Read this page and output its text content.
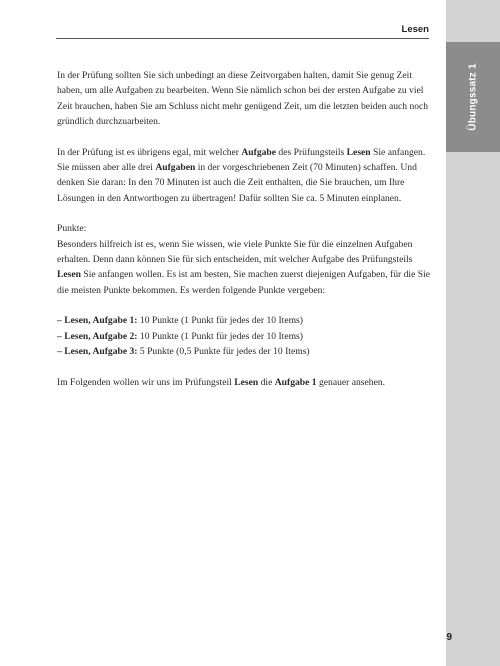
Lesen
Übungssatz 1

In der Prüfung sollten Sie sich unbedingt an diese Zeitvorgaben halten, damit Sie genug Zeit haben, um alle Aufgaben zu bearbeiten. Wenn Sie nämlich schon bei der ersten Aufgabe zu viel Zeit brauchen, haben Sie am Schluss nicht mehr genügend Zeit, um die letzten beiden auch noch gründlich durchzuarbeiten.

In der Prüfung ist es übrigens egal, mit welcher Aufgabe des Prüfungsteils Lesen Sie anfangen. Sie müssen aber alle drei Aufgaben in der vorgeschriebenen Zeit (70 Minuten) schaffen. Und denken Sie daran: In den 70 Minuten ist auch die Zeit enthalten, die Sie brauchen, um Ihre Lösungen in den Antwortbogen zu übertragen! Dafür sollten Sie ca. 5 Minuten einplanen.

Punkte:

Besonders hilfreich ist es, wenn Sie wissen, wie viele Punkte Sie für die einzelnen Aufgaben erhalten. Denn dann können Sie für sich entscheiden, mit welcher Aufgabe des Prüfungsteils Lesen Sie anfangen wollen. Es ist am besten, Sie machen zuerst diejenigen Aufgaben, für die Sie die meisten Punkte bekommen. Es werden folgende Punkte vergeben:

– Lesen, Aufgabe 1: 10 Punkte (1 Punkt für jedes der 10 Items)
– Lesen, Aufgabe 2: 10 Punkte (1 Punkt für jedes der 10 Items)
– Lesen, Aufgabe 3: 5 Punkte (0,5 Punkte für jedes der 10 Items)

Im Folgenden wollen wir uns im Prüfungsteil Lesen die Aufgabe 1 genauer ansehen.

9
